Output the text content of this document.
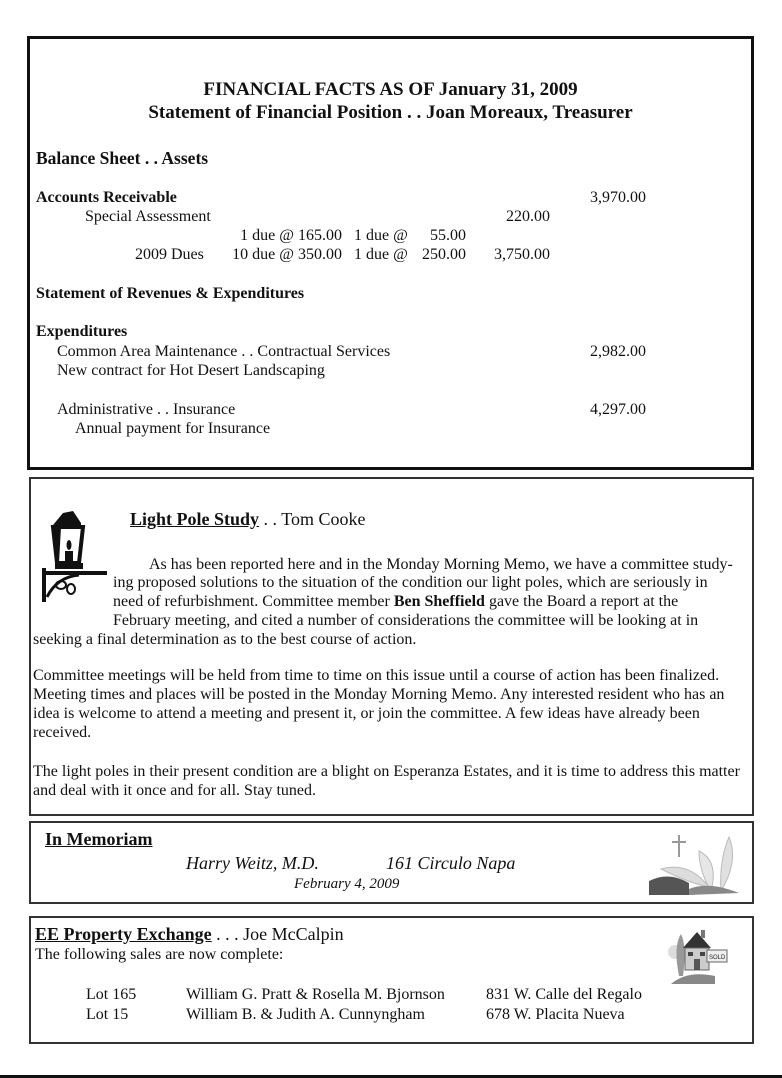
FINANCIAL FACTS AS OF January 31, 2009
Statement of Financial Position . . Joan Moreaux, Treasurer
Balance Sheet . . Assets
Accounts Receivable	3,970.00
Special Assessment	220.00
1 due @ 165.00 1 due @	55.00
2009 Dues	10 due @ 350.00 1 due @ 250.00	3,750.00
Statement of Revenues & Expenditures
Expenditures
Common Area Maintenance . . Contractual Services	2,982.00
New contract for Hot Desert Landscaping
Administrative . . Insurance	4,297.00
Annual payment for Insurance
Light Pole Study . . Tom Cooke
As has been reported here and in the Monday Morning Memo, we have a committee study-
ing proposed solutions to the situation of the condition our light poles, which are seriously in
need of refurbishment. Committee member Ben Sheffield gave the Board a report at the
February meeting, and cited a number of considerations the committee will be looking at in
seeking a final determination as to the best course of action.
Committee meetings will be held from time to time on this issue until a course of action has been finalized. Meeting times and places will be posted in the Monday Morning Memo. Any interested resident who has an idea is welcome to attend a meeting and present it, or join the committee. A few ideas have already been received.
The light poles in their present condition are a blight on Esperanza Estates, and it is time to address this matter and deal with it once and for all. Stay tuned.
In Memoriam
Harry Weitz, M.D.	161 Circulo Napa
February 4, 2009
EE Property Exchange . . . Joe McCalpin
The following sales are now complete:
Lot 165	William G. Pratt & Rosella M. Bjornson	831 W. Calle del Regalo
Lot 15	William B. & Judith A. Cunnyngham	678 W. Placita Nueva
SOLD
